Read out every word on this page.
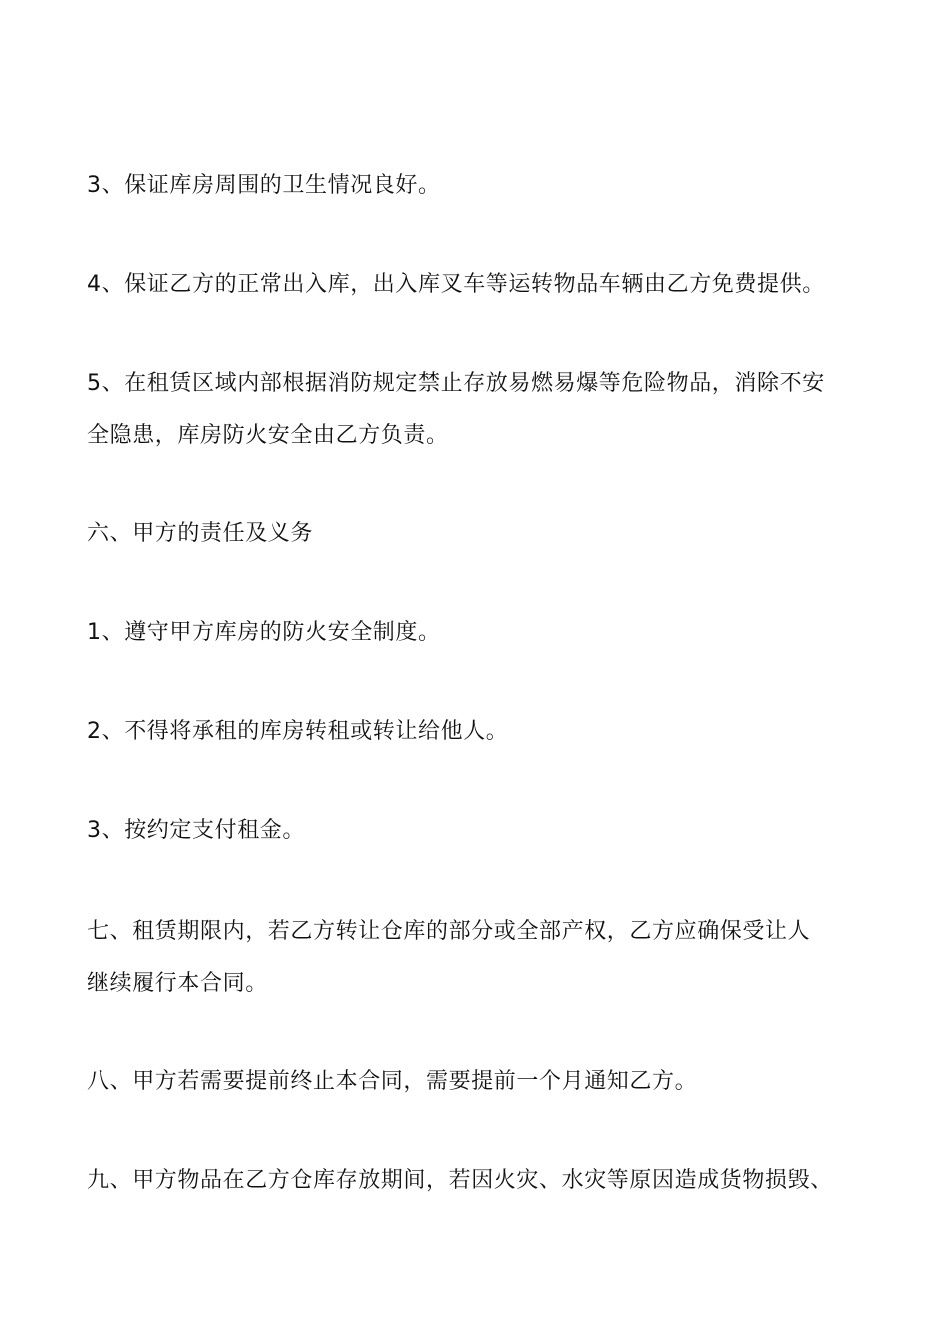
3、保证库房周围的卫生情况良好。

4、保证乙方的正常出入库，出入库叉车等运转物品车辆由乙方免费提供。

5、在租赁区域内部根据消防规定禁止存放易燃易爆等危险物品，消除不安
全隐患，库房防火安全由乙方负责。

六、甲方的责任及义务

1、遵守甲方库房的防火安全制度。

2、不得将承租的库房转租或转让给他人。

3、按约定支付租金。

七、租赁期限内，若乙方转让仓库的部分或全部产权，乙方应确保受让人
继续履行本合同。

八、甲方若需要提前终止本合同，需要提前一个月通知乙方。

九、甲方物品在乙方仓库存放期间，若因火灾、水灾等原因造成货物损毁、
